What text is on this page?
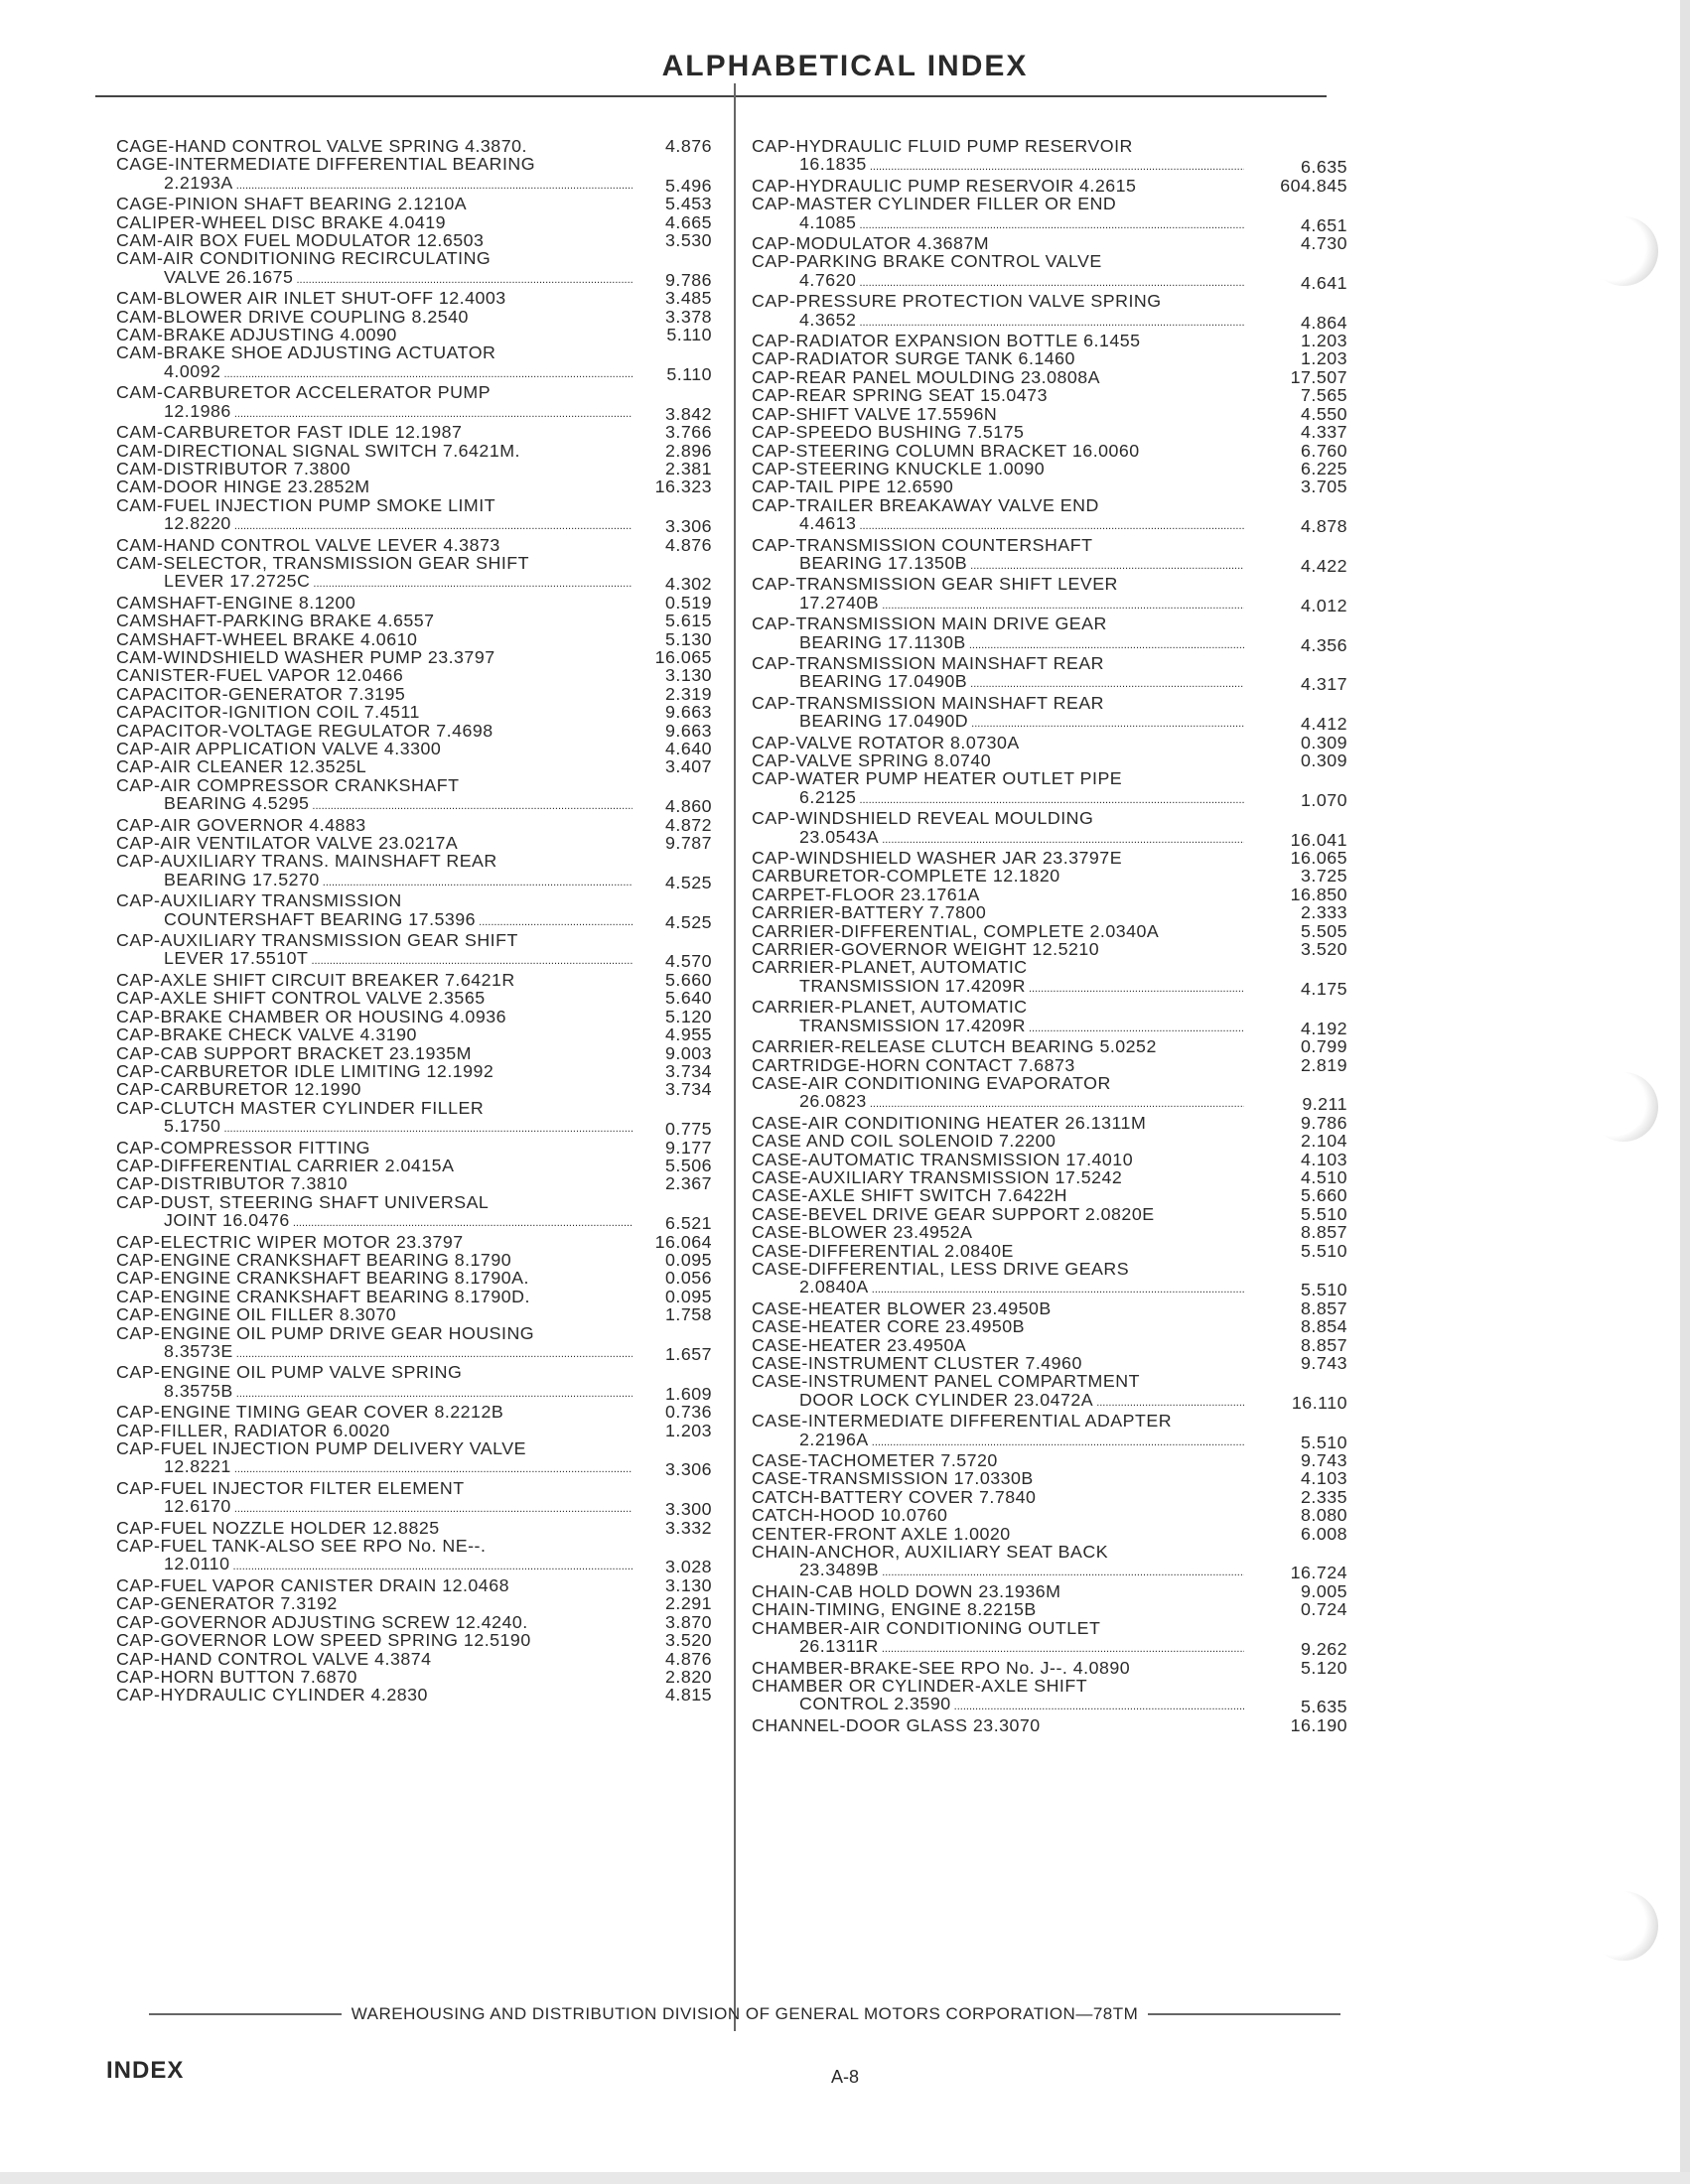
ALPHABETICAL INDEX
CAGE-HAND CONTROL VALVE SPRING 4.3870.	4.876
CAGE-INTERMEDIATE DIFFERENTIAL BEARING
2.2193A .....	5.496
CAGE-PINION SHAFT BEARING 2.1210A	5.453
CALIPER-WHEEL DISC BRAKE 4.0419	4.665
CAM-AIR BOX FUEL MODULATOR 12.6503	3.530
CAM-AIR CONDITIONING RECIRCULATING
VALVE 26.1675 .....	9.786
CAM-BLOWER AIR INLET SHUT-OFF 12.4003	3.485
CAM-BLOWER DRIVE COUPLING 8.2540	3.378
CAM-BRAKE ADJUSTING 4.0090	5.110
CAM-BRAKE SHOE ADJUSTING ACTUATOR
4.0092 .....	5.110
CAM-CARBURETOR ACCELERATOR PUMP
12.1986 .....	3.842
CAM-CARBURETOR FAST IDLE 12.1987	3.766
CAM-DIRECTIONAL SIGNAL SWITCH 7.6421M.	2.896
CAM-DISTRIBUTOR 7.3800	2.381
CAM-DOOR HINGE 23.2852M	16.323
CAM-FUEL INJECTION PUMP SMOKE LIMIT
12.8220 .....	3.306
CAM-HAND CONTROL VALVE LEVER 4.3873	4.876
CAM-SELECTOR, TRANSMISSION GEAR SHIFT
LEVER 17.2725C .....	4.302
CAMSHAFT-ENGINE 8.1200	0.519
CAMSHAFT-PARKING BRAKE 4.6557	5.615
CAMSHAFT-WHEEL BRAKE 4.0610	5.130
CAM-WINDSHIELD WASHER PUMP 23.3797	16.065
CANISTER-FUEL VAPOR 12.0466	3.130
CAPACITOR-GENERATOR 7.3195	2.319
CAPACITOR-IGNITION COIL 7.4511	9.663
CAPACITOR-VOLTAGE REGULATOR 7.4698	9.663
CAP-AIR APPLICATION VALVE 4.3300	4.640
CAP-AIR CLEANER 12.3525L	3.407
CAP-AIR COMPRESSOR CRANKSHAFT
BEARING 4.5295 .....	4.860
CAP-AIR GOVERNOR 4.4883	4.872
CAP-AIR VENTILATOR VALVE 23.0217A	9.787
CAP-AUXILIARY TRANS. MAINSHAFT REAR
BEARING 17.5270 .....	4.525
CAP-AUXILIARY TRANSMISSION
COUNTERSHAFT BEARING 17.5396 .....	4.525
CAP-AUXILIARY TRANSMISSION GEAR SHIFT
LEVER 17.5510T .....	4.570
CAP-AXLE SHIFT CIRCUIT BREAKER 7.6421R	5.660
CAP-AXLE SHIFT CONTROL VALVE 2.3565	5.640
CAP-BRAKE CHAMBER OR HOUSING 4.0936	5.120
CAP-BRAKE CHECK VALVE 4.3190	4.955
CAP-CAB SUPPORT BRACKET 23.1935M	9.003
CAP-CARBURETOR IDLE LIMITING 12.1992	3.734
CAP-CARBURETOR 12.1990	3.734
CAP-CLUTCH MASTER CYLINDER FILLER
5.1750 .....	0.775
CAP-COMPRESSOR FITTING	9.177
CAP-DIFFERENTIAL CARRIER 2.0415A	5.506
CAP-DISTRIBUTOR 7.3810	2.367
CAP-DUST, STEERING SHAFT UNIVERSAL
JOINT 16.0476 .....	6.521
CAP-ELECTRIC WIPER MOTOR 23.3797	16.064
CAP-ENGINE CRANKSHAFT BEARING 8.1790	0.095
CAP-ENGINE CRANKSHAFT BEARING 8.1790A.	0.056
CAP-ENGINE CRANKSHAFT BEARING 8.1790D.	0.095
CAP-ENGINE OIL FILLER 8.3070	1.758
CAP-ENGINE OIL PUMP DRIVE GEAR HOUSING
8.3573E .....	1.657
CAP-ENGINE OIL PUMP VALVE SPRING
8.3575B .....	1.609
CAP-ENGINE TIMING GEAR COVER 8.2212B	0.736
CAP-FILLER, RADIATOR 6.0020	1.203
CAP-FUEL INJECTION PUMP DELIVERY VALVE
12.8221 .....	3.306
CAP-FUEL INJECTOR FILTER ELEMENT
12.6170 .....	3.300
CAP-FUEL NOZZLE HOLDER 12.8825	3.332
CAP-FUEL TANK-ALSO SEE RPO No. NE--.
12.0110 .....	3.028
CAP-FUEL VAPOR CANISTER DRAIN 12.0468	3.130
CAP-GENERATOR 7.3192	2.291
CAP-GOVERNOR ADJUSTING SCREW 12.4240.	3.870
CAP-GOVERNOR LOW SPEED SPRING 12.5190	3.520
CAP-HAND CONTROL VALVE 4.3874	4.876
CAP-HORN BUTTON 7.6870	2.820
CAP-HYDRAULIC CYLINDER 4.2830	4.815
CAP-HYDRAULIC FLUID PUMP RESERVOIR
16.1835 .....	6.635
CAP-HYDRAULIC PUMP RESERVOIR 4.2615	604.845
CAP-MASTER CYLINDER FILLER OR END
4.1085 .....	4.651
CAP-MODULATOR 4.3687M	4.730
CAP-PARKING BRAKE CONTROL VALVE
4.7620 .....	4.641
CAP-PRESSURE PROTECTION VALVE SPRING
4.3652 .....	4.864
CAP-RADIATOR EXPANSION BOTTLE 6.1455	1.203
CAP-RADIATOR SURGE TANK 6.1460	1.203
CAP-REAR PANEL MOULDING 23.0808A	17.507
CAP-REAR SPRING SEAT 15.0473	7.565
CAP-SHIFT VALVE 17.5596N	4.550
CAP-SPEEDO BUSHING 7.5175	4.337
CAP-STEERING COLUMN BRACKET 16.0060	6.760
CAP-STEERING KNUCKLE 1.0090	6.225
CAP-TAIL PIPE 12.6590	3.705
CAP-TRAILER BREAKAWAY VALVE END
4.4613 .....	4.878
CAP-TRANSMISSION COUNTERSHAFT
BEARING 17.1350B .....	4.422
CAP-TRANSMISSION GEAR SHIFT LEVER
17.2740B .....	4.012
CAP-TRANSMISSION MAIN DRIVE GEAR
BEARING 17.1130B .....	4.356
CAP-TRANSMISSION MAINSHAFT REAR
BEARING 17.0490B .....	4.317
CAP-TRANSMISSION MAINSHAFT REAR
BEARING 17.0490D .....	4.412
CAP-VALVE ROTATOR 8.0730A	0.309
CAP-VALVE SPRING 8.0740	0.309
CAP-WATER PUMP HEATER OUTLET PIPE
6.2125 .....	1.070
CAP-WINDSHIELD REVEAL MOULDING
23.0543A .....	16.041
CAP-WINDSHIELD WASHER JAR 23.3797E	16.065
CARBURETOR-COMPLETE 12.1820	3.725
CARPET-FLOOR 23.1761A	16.850
CARRIER-BATTERY 7.7800	2.333
CARRIER-DIFFERENTIAL, COMPLETE 2.0340A	5.505
CARRIER-GOVERNOR WEIGHT 12.5210	3.520
CARRIER-PLANET, AUTOMATIC
TRANSMISSION 17.4209R .....	4.175
CARRIER-PLANET, AUTOMATIC
TRANSMISSION 17.4209R .....	4.192
CARRIER-RELEASE CLUTCH BEARING 5.0252	0.799
CARTRIDGE-HORN CONTACT 7.6873	2.819
CASE-AIR CONDITIONING EVAPORATOR
26.0823 .....	9.211
CASE-AIR CONDITIONING HEATER 26.1311M	9.786
CASE AND COIL SOLENOID 7.2200	2.104
CASE-AUTOMATIC TRANSMISSION 17.4010	4.103
CASE-AUXILIARY TRANSMISSION 17.5242	4.510
CASE-AXLE SHIFT SWITCH 7.6422H	5.660
CASE-BEVEL DRIVE GEAR SUPPORT 2.0820E	5.510
CASE-BLOWER 23.4952A	8.857
CASE-DIFFERENTIAL 2.0840E	5.510
CASE-DIFFERENTIAL, LESS DRIVE GEARS
2.0840A .....	5.510
CASE-HEATER BLOWER 23.4950B	8.857
CASE-HEATER CORE 23.4950B	8.854
CASE-HEATER 23.4950A	8.857
CASE-INSTRUMENT CLUSTER 7.4960	9.743
CASE-INSTRUMENT PANEL COMPARTMENT
DOOR LOCK CYLINDER 23.0472A .....	16.110
CASE-INTERMEDIATE DIFFERENTIAL ADAPTER
2.2196A .....	5.510
CASE-TACHOMETER 7.5720	9.743
CASE-TRANSMISSION 17.0330B	4.103
CATCH-BATTERY COVER 7.7840	2.335
CATCH-HOOD 10.0760	8.080
CENTER-FRONT AXLE 1.0020	6.008
CHAIN-ANCHOR, AUXILIARY SEAT BACK
23.3489B .....	16.724
CHAIN-CAB HOLD DOWN 23.1936M	9.005
CHAIN-TIMING, ENGINE 8.2215B	0.724
CHAMBER-AIR CONDITIONING OUTLET
26.1311R .....	9.262
CHAMBER-BRAKE-SEE RPO No. J--. 4.0890	5.120
CHAMBER OR CYLINDER-AXLE SHIFT
CONTROL 2.3590 .....	5.635
CHANNEL-DOOR GLASS 23.3070	16.190
WAREHOUSING AND DISTRIBUTION DIVISION OF GENERAL MOTORS CORPORATION—78TM
INDEX	A-8
